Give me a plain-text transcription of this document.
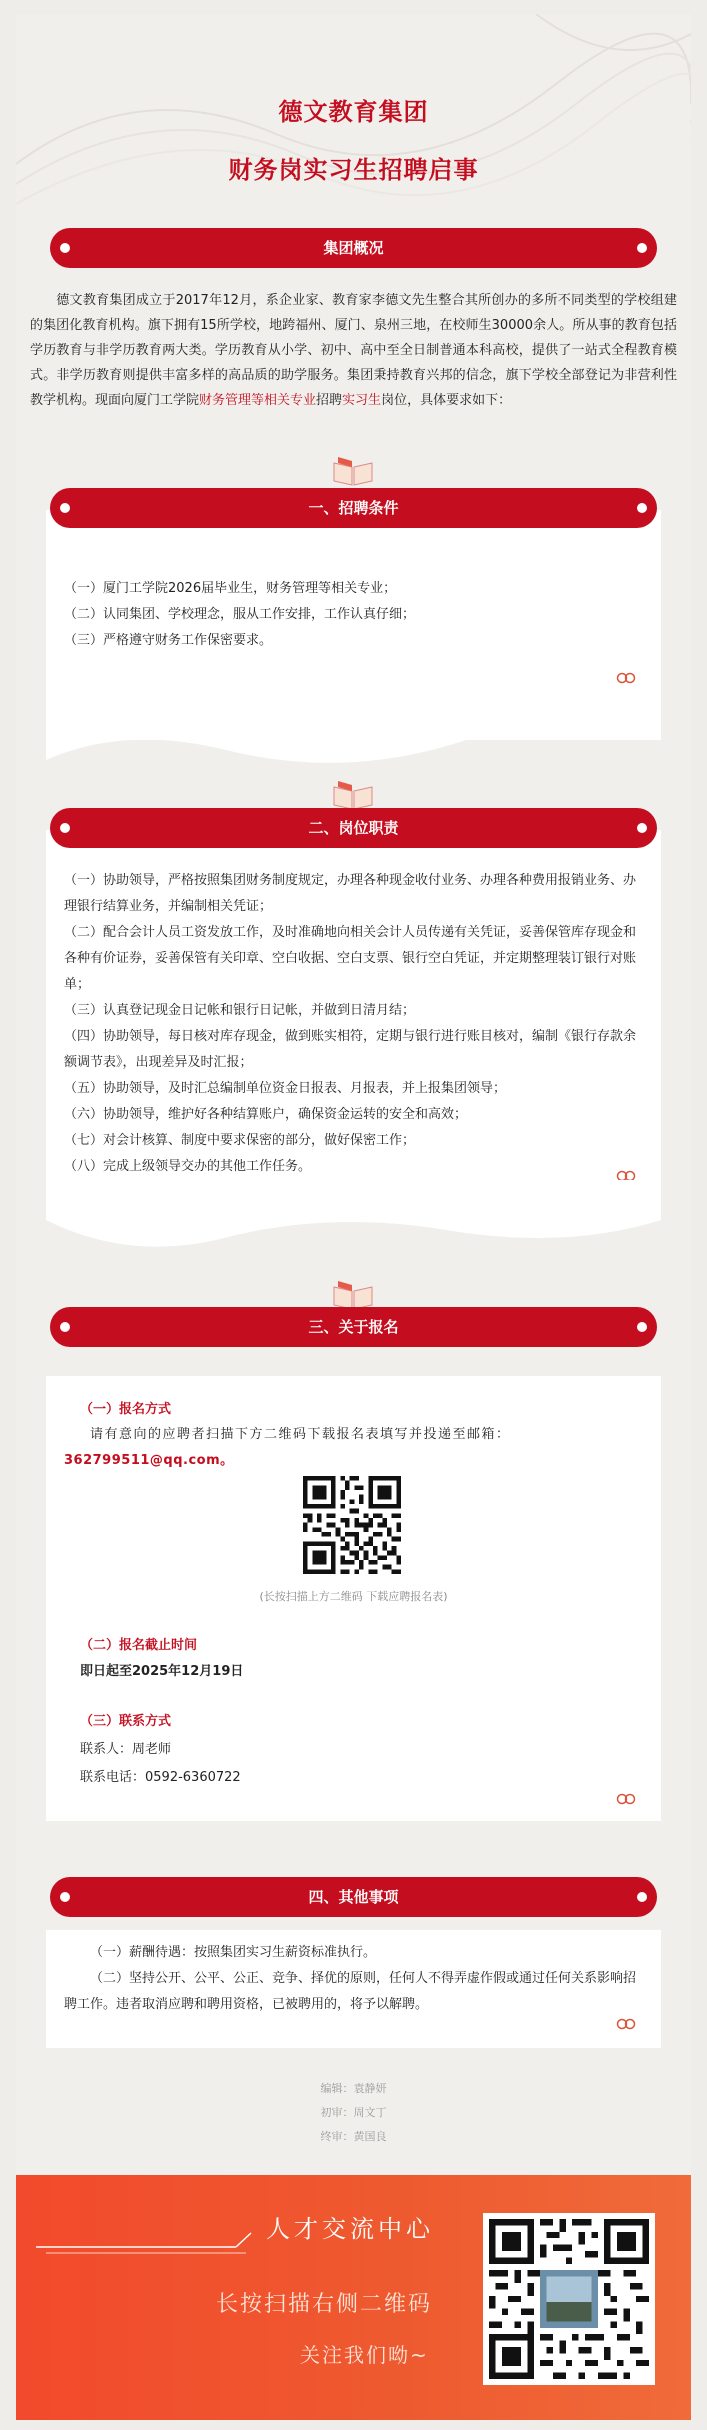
德文教育集团
财务岗实习生招聘启事
集团概况
德文教育集团成立于2017年12月，系企业家、教育家李德文先生整合其所创办的多所不同类型的学校组建的集团化教育机构。旗下拥有15所学校，地跨福州、厦门、泉州三地，在校师生30000余人。所从事的教育包括学历教育与非学历教育两大类。学历教育从小学、初中、高中至全日制普通本科高校，提供了一站式全程教育模式。非学历教育则提供丰富多样的高品质的助学服务。集团秉持教育兴邦的信念，旗下学校全部登记为非营利性教学机构。现面向厦门工学院财务管理等相关专业招聘实习生岗位，具体要求如下：

（一）厦门工学院2026届毕业生，财务管理等相关专业；

（二）认同集团、学校理念，服从工作安排，工作认真仔细；

（三）严格遵守财务工作保密要求。

一、招聘条件

（一）协助领导，严格按照集团财务制度规定，办理各种现金收付业务、办理各种费用报销业务、办理银行结算业务，并编制相关凭证；

（二）配合会计人员工资发放工作，及时准确地向相关会计人员传递有关凭证，妥善保管库存现金和各种有价证券，妥善保管有关印章、空白收据、空白支票、银行空白凭证，并定期整理装订银行对账单；

（三）认真登记现金日记帐和银行日记帐，并做到日清月结；

（四）协助领导，每日核对库存现金，做到账实相符，定期与银行进行账目核对，编制《银行存款余额调节表》，出现差异及时汇报；

（五）协助领导，及时汇总编制单位资金日报表、月报表，并上报集团领导；

（六）协助领导，维护好各种结算账户，确保资金运转的安全和高效；

（七）对会计核算、制度中要求保密的部分，做好保密工作；

（八）完成上级领导交办的其他工作任务。

二、岗位职责
三、关于报名
（一）报名方式
请有意向的应聘者扫描下方二维码下载报名表填写并投递至邮箱：
362799511@qq.com。
(长按扫描上方二维码 下载应聘报名表)
（二）报名截止时间
即日起至2025年12月19日
（三）联系方式
联系人：周老师
联系电话：0592-6360722
四、其他事项

（一）薪酬待遇：按照集团实习生薪资标准执行。

（二）坚持公开、公平、公正、竞争、择优的原则，任何人不得弄虚作假或通过任何关系影响招聘工作。违者取消应聘和聘用资格，已被聘用的，将予以解聘。

编辑：袁静妍
初审：周文丁
终审：黄国良
人才交流中心
长按扫描右侧二维码
关注我们呦~
